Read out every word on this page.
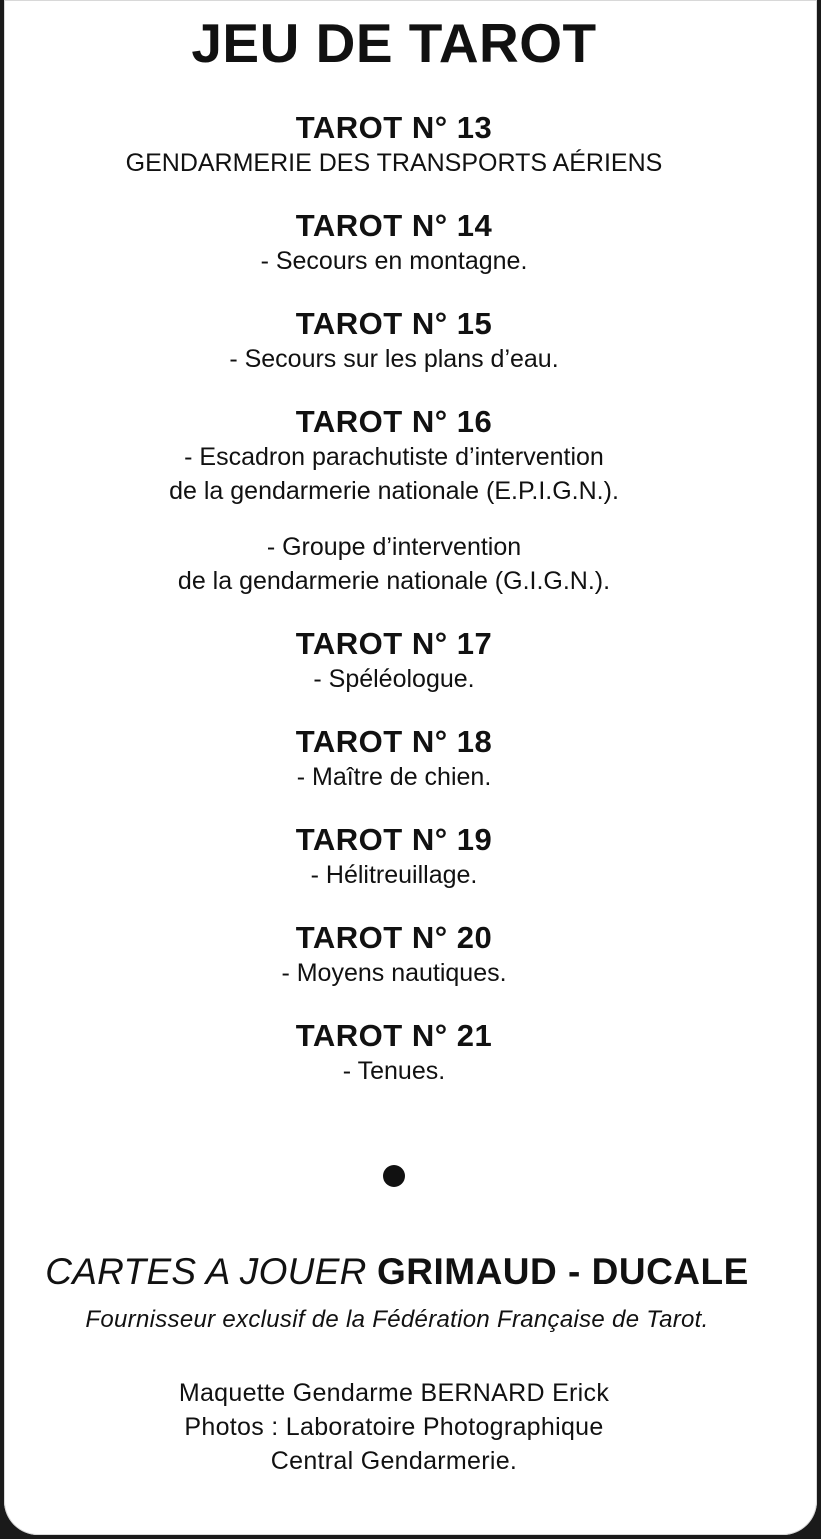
JEU DE TAROT
TAROT N° 13
GENDARMERIE DES TRANSPORTS AÉRIENS
TAROT N° 14
- Secours en montagne.
TAROT N° 15
- Secours sur les plans d’eau.
TAROT N° 16
- Escadron parachutiste d’intervention
de la gendarmerie nationale (E.P.I.G.N.).
- Groupe d’intervention
de la gendarmerie nationale (G.I.G.N.).
TAROT N° 17
- Spéléologue.
TAROT N° 18
- Maître de chien.
TAROT N° 19
- Hélitreuillage.
TAROT N° 20
- Moyens nautiques.
TAROT N° 21
- Tenues.
CARTES A JOUER GRIMAUD - DUCALE
Fournisseur exclusif de la Fédération Française de Tarot.
Maquette Gendarme BERNARD Erick
Photos : Laboratoire Photographique
Central Gendarmerie.
